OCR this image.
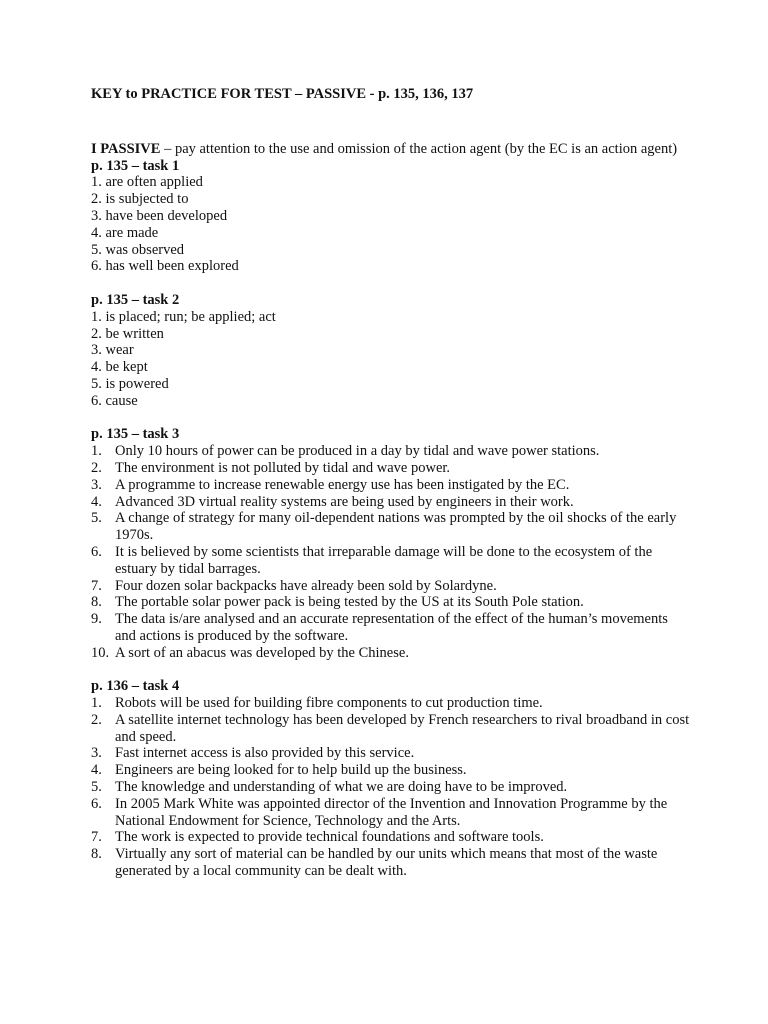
KEY to PRACTICE FOR TEST – PASSIVE - p. 135, 136, 137

I PASSIVE – pay attention to the use and omission of the action agent (by the EC is an action agent)

p. 135 – task 1

1. are often applied
2. is subjected to
3. have been developed
4. are made
5. was observed
6. has well been explored

p. 135 – task 2

1. is placed; run; be applied; act
2. be written
3. wear
4. be kept
5. is powered
6. cause

p. 135 – task 3

1. Only 10 hours of power can be produced in a day by tidal and wave power stations.
2. The environment is not polluted by tidal and wave power.
3. A programme to increase renewable energy use has been instigated by the EC.
4. Advanced 3D virtual reality systems are being used by engineers in their work.
5. A change of strategy for many oil-dependent nations was prompted by the oil shocks of the early 1970s.
6. It is believed by some scientists that irreparable damage will be done to the ecosystem of the estuary by tidal barrages.
7. Four dozen solar backpacks have already been sold by Solardyne.
8. The portable solar power pack is being tested by the US at its South Pole station.
9. The data is/are analysed and an accurate representation of the effect of the human’s movements and actions is produced by the software.
10. A sort of an abacus was developed by the Chinese.

p. 136 – task 4

1. Robots will be used for building fibre components to cut production time.
2. A satellite internet technology has been developed by French researchers to rival broadband in cost and speed.
3. Fast internet access is also provided by this service.
4. Engineers are being looked for to help build up the business.
5. The knowledge and understanding of what we are doing have to be improved.
6. In 2005 Mark White was appointed director of the Invention and Innovation Programme by the National Endowment for Science, Technology and the Arts.
7. The work is expected to provide technical foundations and software tools.
8. Virtually any sort of material can be handled by our units which means that most of the waste generated by a local community can be dealt with.
